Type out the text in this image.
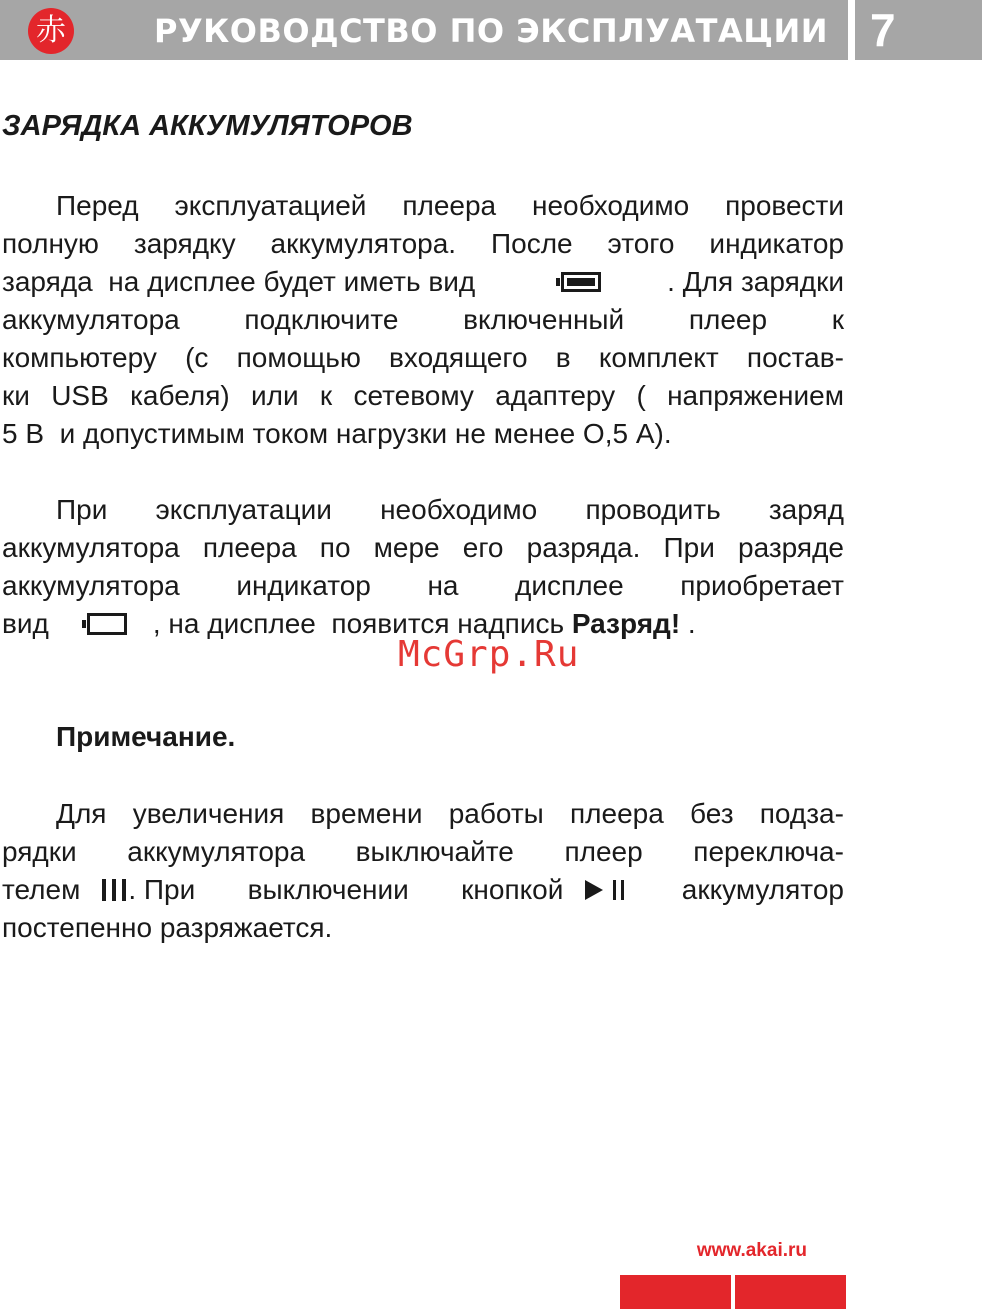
赤	РУКОВОДСТВО ПО ЭКСПЛУАТАЦИИ 7
ЗАРЯДКА АККУМУЛЯТОРОВ
Перед эксплуатацией плеера необходимо провести
полную зарядку аккумулятора. После этого индикатор
заряда  на дисплее будет иметь вид	. Для зарядки
аккумулятора подключите включенный плеер к
компьютеру (с помощью входящего в комплект постав-
ки USB кабеля) или к сетевому адаптеру ( напряжением
5 В  и допустимым током нагрузки не менее О,5 А).
При эксплуатации необходимо проводить заряд
аккумулятора плеера по мере его разряда. При разряде
аккумулятора индикатор на дисплее приобретает
вид	, на дисплее  появится надпись Разряд! .
McGrp.Ru
Примечание.
Для увеличения времени работы плеера без подза-
рядки аккумулятора выключайте плеер переключа-
телем . При выключении кнопкой	аккумулятор
постепенно разряжается.
www.akai.ru
